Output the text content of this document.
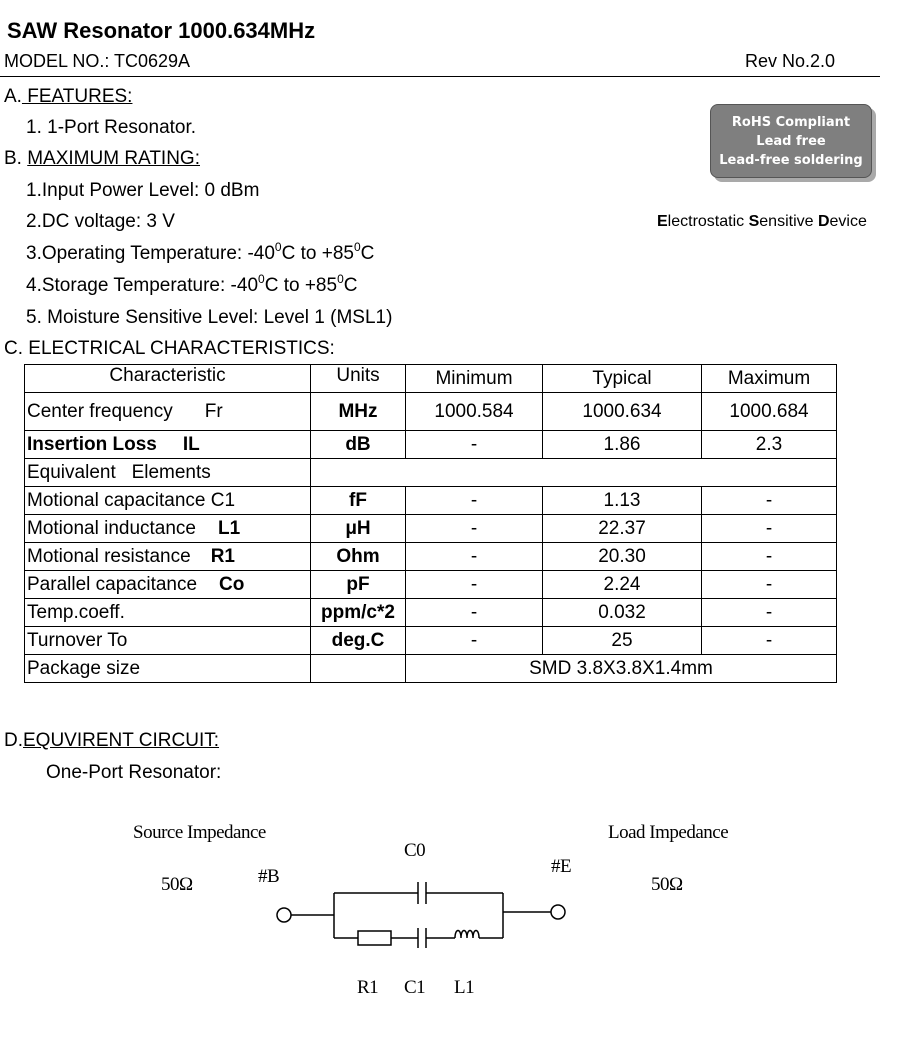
SAW Resonator 1000.634MHz
MODEL NO.: TC0629A	Rev No.2.0
A. FEATURES:
1. 1-Port Resonator.	RoHS Compliant
Lead free
Lead-free soldering
B. MAXIMUM RATING:
1.Input Power Level: 0 dBm
2.DC voltage: 3 V	Electrostatic Sensitive Device
3.Operating Temperature: $-40^0C$ to $+85^0C$
4.Storage Temperature: $-40^0C$ to $+85^0C$
5. Moisture Sensitive Level: Level 1 (MSL1)
C. ELECTRICAL CHARACTERISTICS:
Characteristic	Units	Minimum	Typical	Maximum
Center frequency Fr	MHz	1000.584	1000.634	1000.684
Insertion Loss IL	dB	-	1.86	2.3
Equivalent   Elements				
Motional capacitance C1	fF	-	1.13	-
Motional inductance L1	μH	-	22.37	-
Motional resistance R1	Ohm	-	20.30	-
Parallel capacitance Co	pF	-	2.24	-
Temp.coeff.	ppm/c*2	-	0.032	-
Turnover To	deg.C	-	25	-
Package size		SMD 3.8X3.8X1.4mm		
D.EQUVIRENT CIRCUIT:
One-Port Resonator:
Source Impedance
50Ω
Load Impedance
50Ω
#B	#E
C0
R1 C1 L1
